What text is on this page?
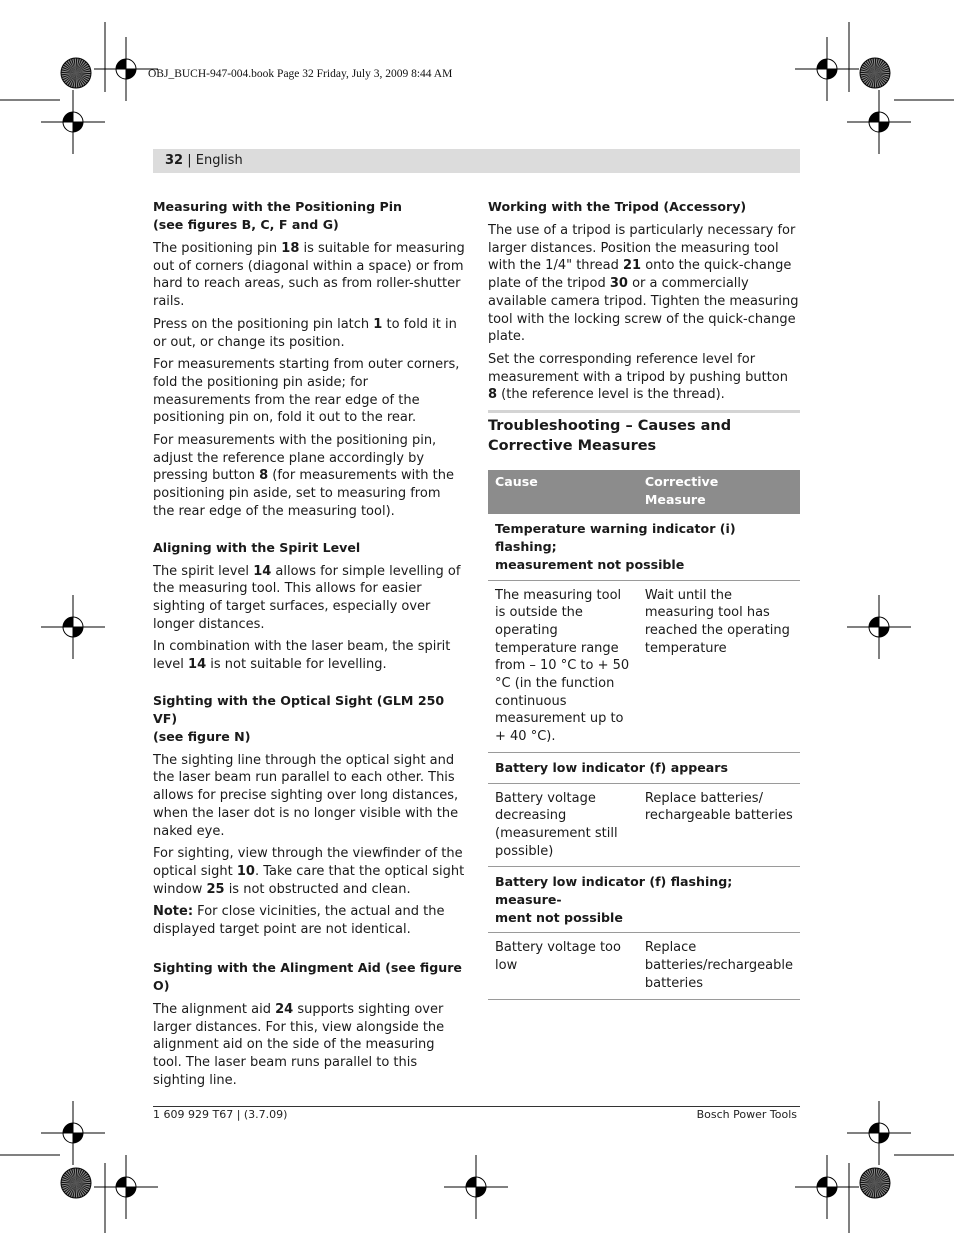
OBJ_BUCH-947-004.book Page 32 Friday, July 3, 2009 8:44 AM
32 | English
Measuring with the Positioning Pin
(see figures B, C, F and G)

The positioning pin 18 is suitable for measuring out of corners (diagonal within a space) or from hard to reach areas, such as from roller-shutter rails.

Press on the positioning pin latch 1 to fold it in or out, or change its position.

For measurements starting from outer corners, fold the positioning pin aside; for measurements from the rear edge of the positioning pin on, fold it out to the rear.

For measurements with the positioning pin, adjust the reference plane accordingly by pressing button 8 (for measurements with the positioning pin aside, set to measuring from the rear edge of the measuring tool).

Aligning with the Spirit Level

The spirit level 14 allows for simple levelling of the measuring tool. This allows for easier sighting of target surfaces, especially over longer distances.

In combination with the laser beam, the spirit level 14 is not suitable for levelling.

Sighting with the Optical Sight (GLM 250 VF)
(see figure N)

The sighting line through the optical sight and the laser beam run parallel to each other. This allows for precise sighting over long distances, when the laser dot is no longer visible with the naked eye.

For sighting, view through the viewfinder of the optical sight 10. Take care that the optical sight window 25 is not obstructed and clean.

Note: For close vicinities, the actual and the displayed target point are not identical.

Sighting with the Alingment Aid (see figure O)

The alignment aid 24 supports sighting over larger distances. For this, view alongside the alignment aid on the side of the measuring tool. The laser beam runs parallel to this sighting line.

Working with the Tripod (Accessory)

The use of a tripod is particularly necessary for larger distances. Position the measuring tool with the 1/4" thread 21 onto the quick-change plate of the tripod 30 or a commercially available camera tripod. Tighten the measuring tool with the locking screw of the quick-change plate.

Set the corresponding reference level for measurement with a tripod by pushing button 8 (the reference level is the thread).

Troubleshooting – Causes and
Corrective Measures
Cause	Corrective
Measure
Temperature warning indicator (i) flashing;
measurement not possible	
The measuring tool is outside the operating temperature range from – 10 °C to + 50 °C (in the function continuous measurement up to + 40 °C).	Wait until the measuring tool has reached the operating temperature
Battery low indicator (f) appears	
Battery voltage decreasing (measurement still possible)	Replace batteries/ rechargeable batteries
Battery low indicator (f) flashing; measure-
ment not possible	
Battery voltage too low	Replace batteries/rechargeable batteries
1 609 929 T67 | (3.7.09)	Bosch Power Tools
